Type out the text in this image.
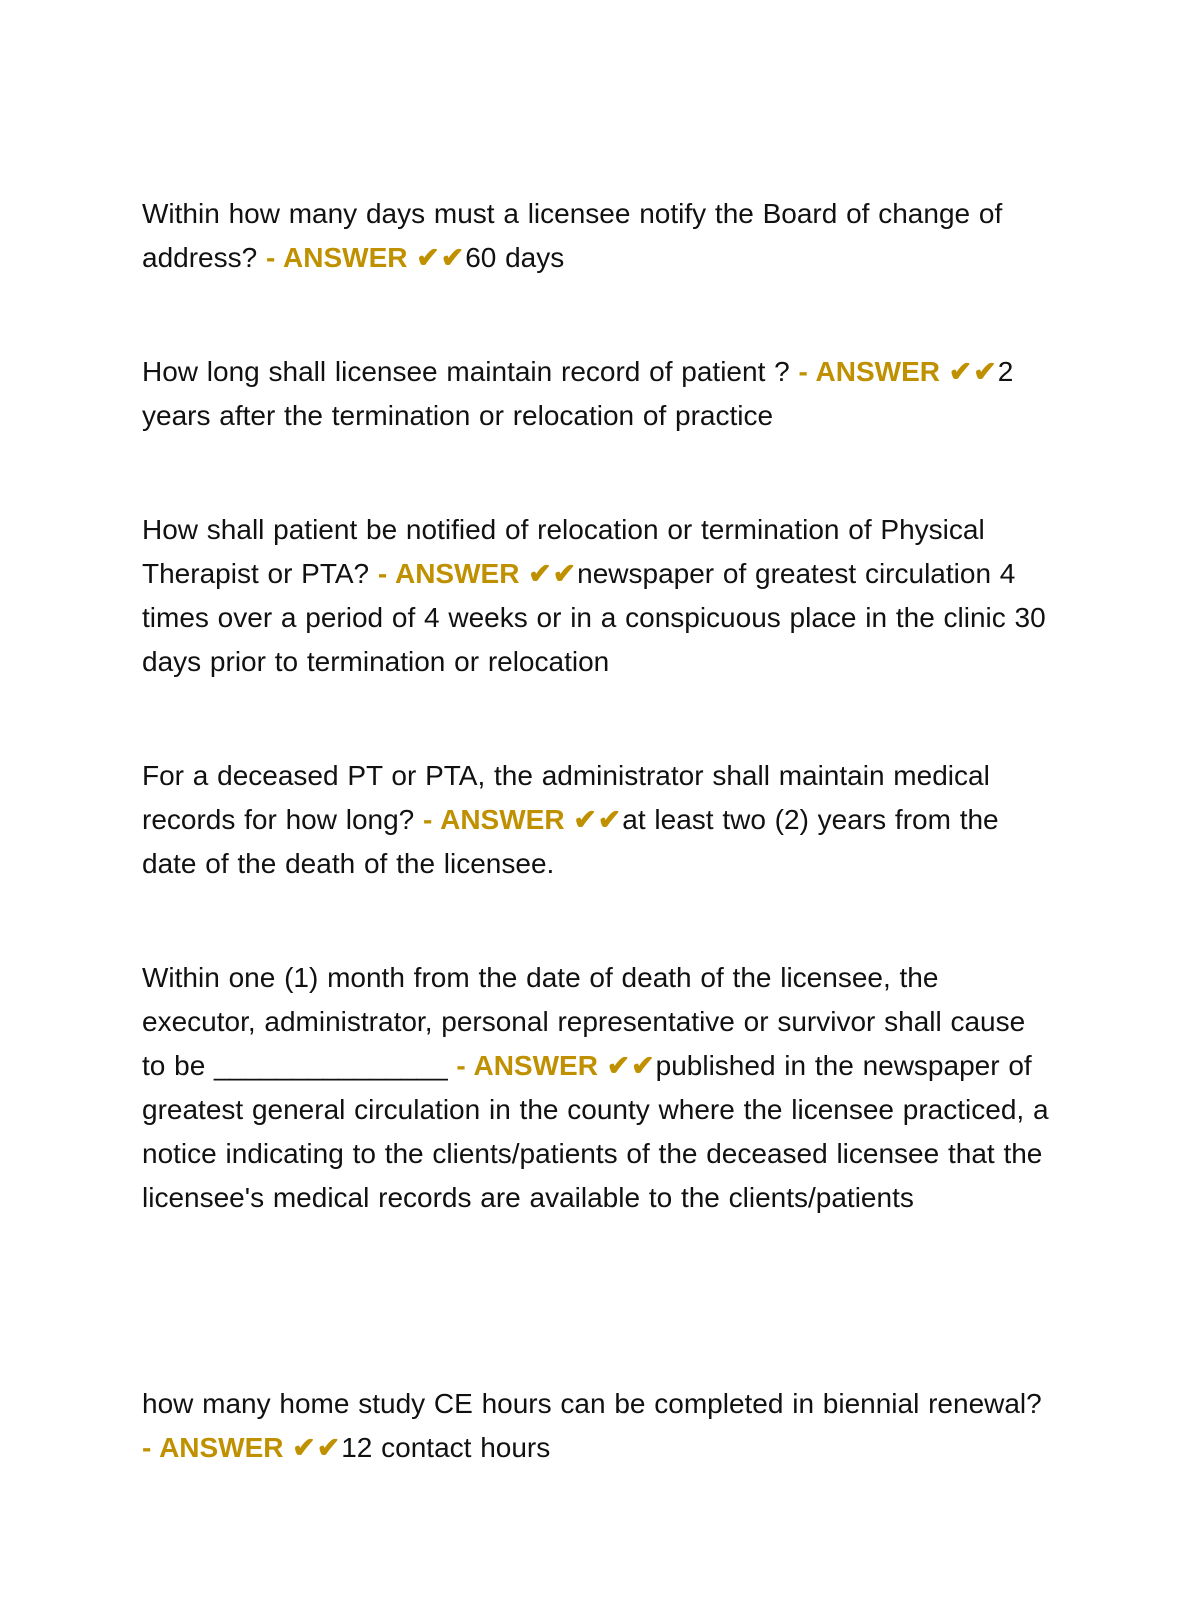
Within how many days must a licensee notify the Board of change of address? - ANSWER ✔✔60 days

How long shall licensee maintain record of patient ? - ANSWER ✔✔2 years after the termination or relocation of practice

How shall patient be notified of relocation or termination of Physical Therapist or PTA? - ANSWER ✔✔newspaper of greatest circulation 4 times over a period of 4 weeks or in a conspicuous place in the clinic 30 days prior to termination or relocation

For a deceased PT or PTA, the administrator shall maintain medical records for how long? - ANSWER ✔✔at least two (2) years from the date of the death of the licensee.

Within one (1) month from the date of death of the licensee, the executor, administrator, personal representative or survivor shall cause to be _______________ - ANSWER ✔✔published in the newspaper of greatest general circulation in the county where the licensee practiced, a notice indicating to the clients/patients of the deceased licensee that the licensee's medical records are available to the clients/patients

how many home study CE hours can be completed in biennial renewal? - ANSWER ✔✔12 contact hours
